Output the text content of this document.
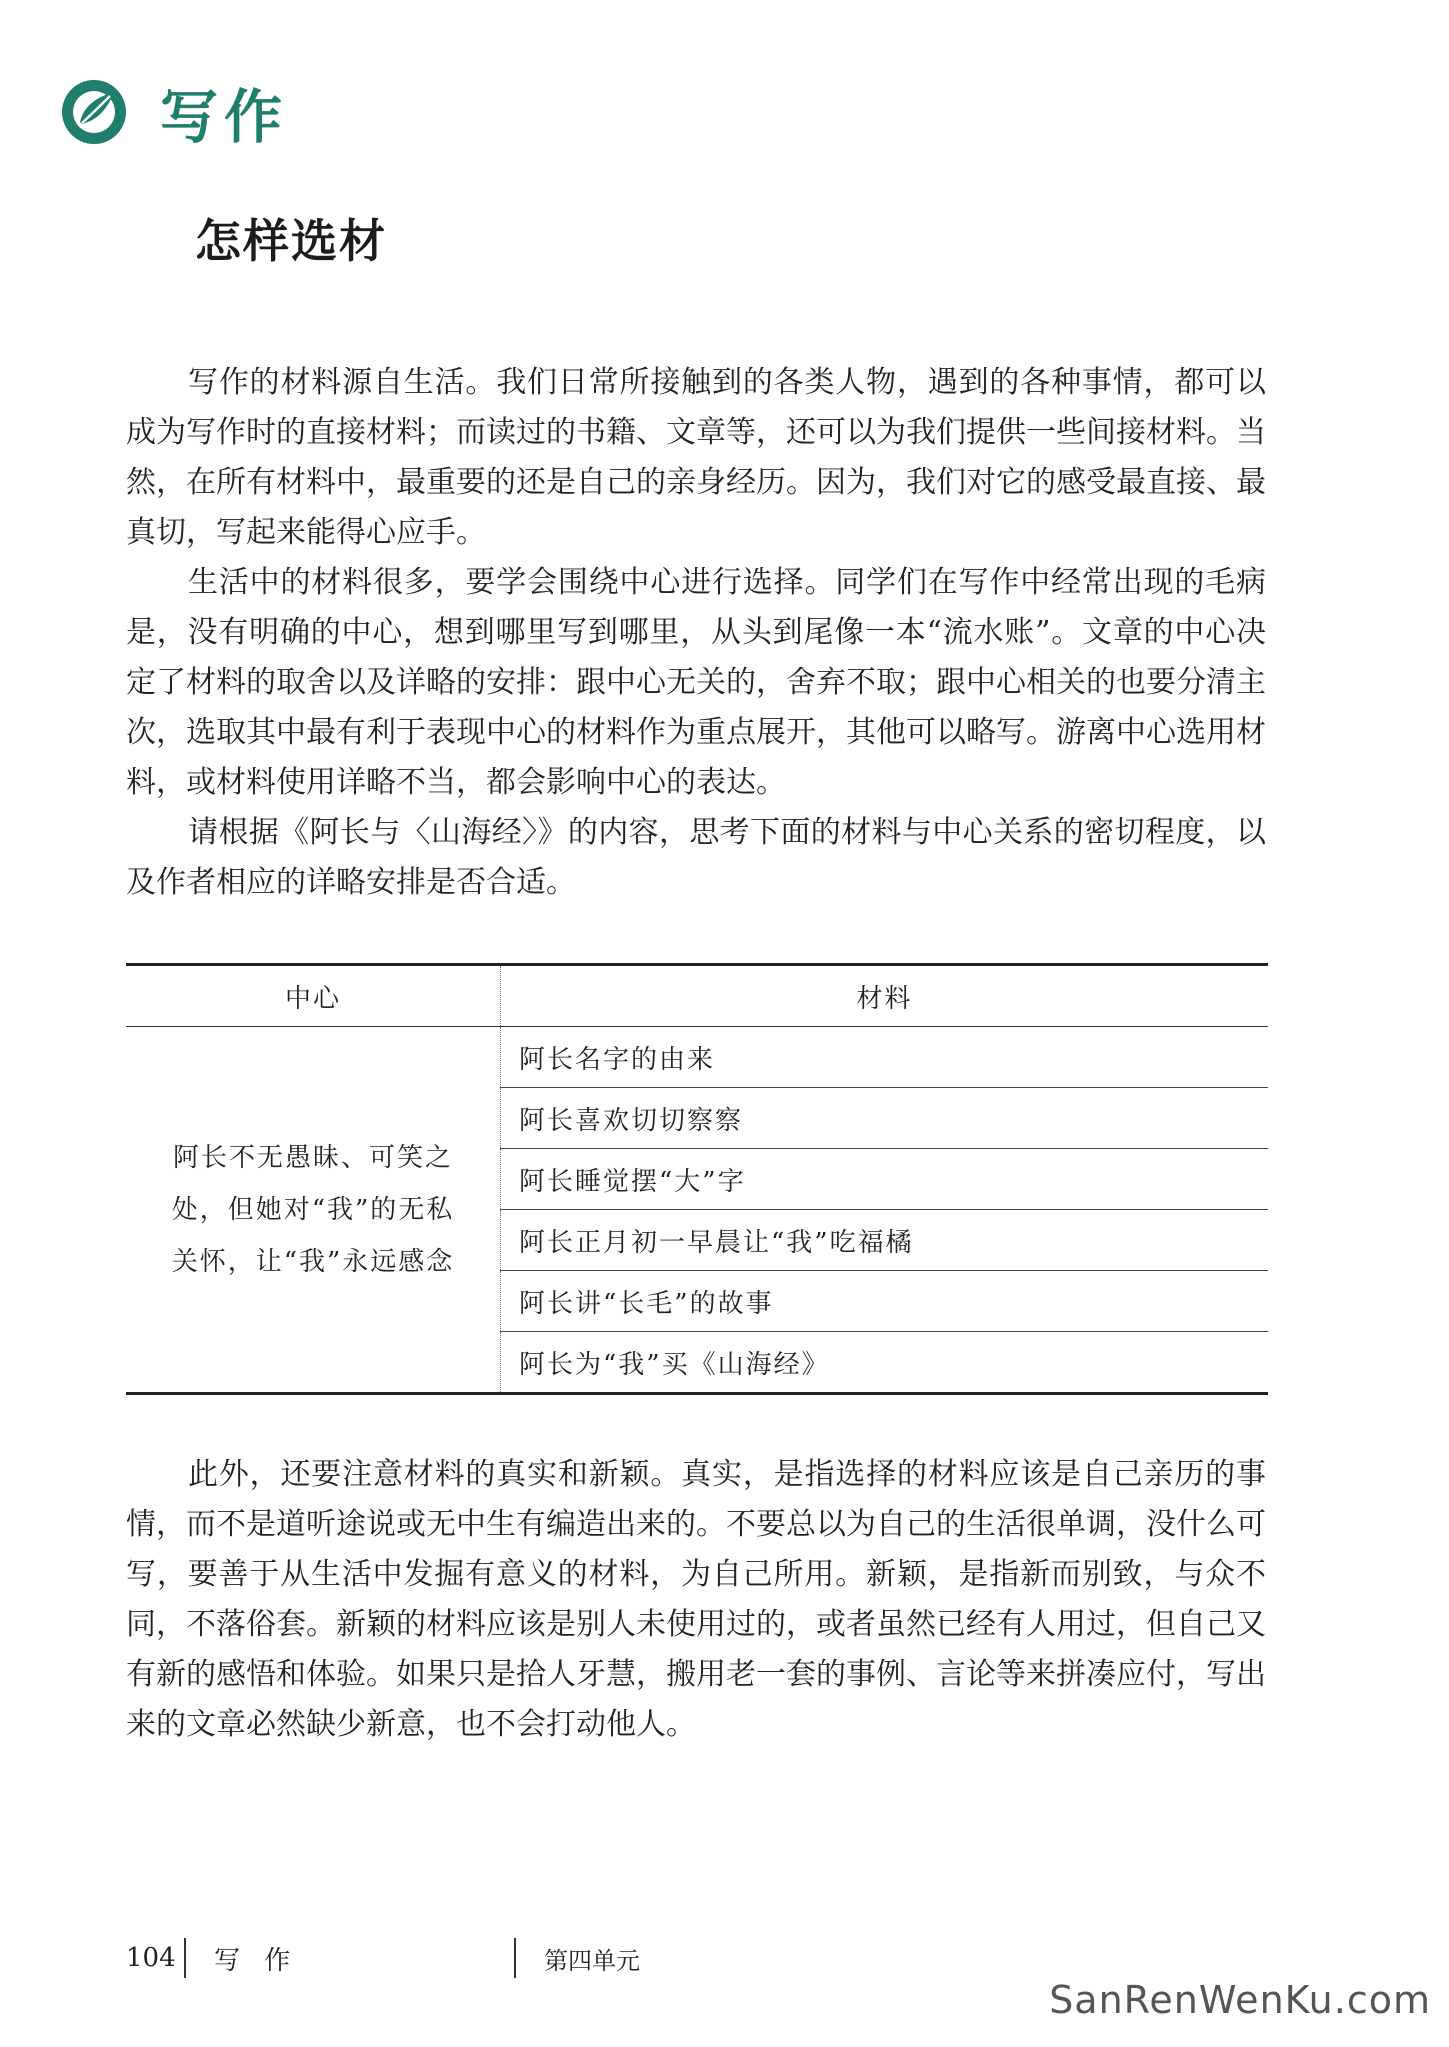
写作
怎样选材

写作的材料源自生活。我们日常所接触到的各类人物，遇到的各种事情，都可以成为写作时的直接材料；而读过的书籍、文章等，还可以为我们提供一些间接材料。当然，在所有材料中，最重要的还是自己的亲身经历。因为，我们对它的感受最直接、最真切，写起来能得心应手。

生活中的材料很多，要学会围绕中心进行选择。同学们在写作中经常出现的毛病是，没有明确的中心，想到哪里写到哪里，从头到尾像一本“流水账”。文章的中心决定了材料的取舍以及详略的安排：跟中心无关的，舍弃不取；跟中心相关的也要分清主次，选取其中最有利于表现中心的材料作为重点展开，其他可以略写。游离中心选用材料，或材料使用详略不当，都会影响中心的表达。

请根据《阿长与〈山海经〉》的内容，思考下面的材料与中心关系的密切程度，以及作者相应的详略安排是否合适。

中心	材料

阿长不无愚昧、可笑之
处，但她对“我”的无私
关怀，让“我”永远感念	阿长名字的由来
	阿长喜欢切切察察
	阿长睡觉摆“大”字
	阿长正月初一早晨让“我”吃福橘
	阿长讲“长毛”的故事
	阿长为“我”买《山海经》

此外，还要注意材料的真实和新颖。真实，是指选择的材料应该是自己亲历的事情，而不是道听途说或无中生有编造出来的。不要总以为自己的生活很单调，没什么可写，要善于从生活中发掘有意义的材料，为自己所用。新颖，是指新而别致，与众不同，不落俗套。新颖的材料应该是别人未使用过的，或者虽然已经有人用过，但自己又有新的感悟和体验。如果只是拾人牙慧，搬用老一套的事例、言论等来拼凑应付，写出来的文章必然缺少新意，也不会打动他人。

104	写 作	第四单元
SanRenWenKu.com
